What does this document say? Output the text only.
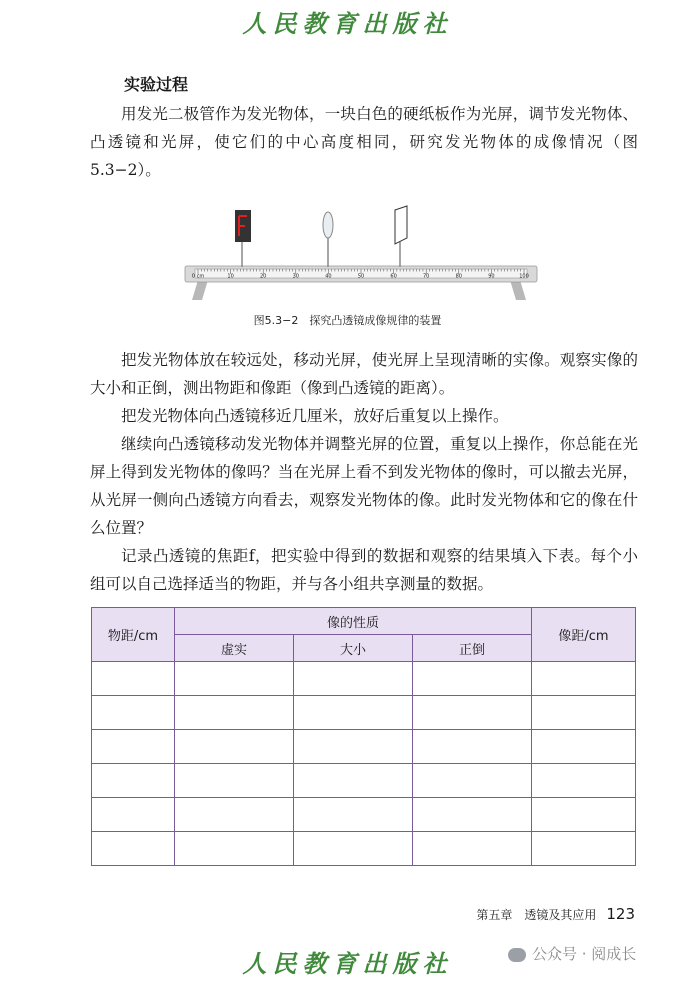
人民教育出版社
实验过程

用发光二极管作为发光物体，一块白色的硬纸板作为光屏，调节发光物体、凸透镜和光屏，使它们的中心高度相同，研究发光物体的成像情况（图5.3−2）。

0 cm	10	20	30	40	50	60	70	80	90	100
图5.3−2　探究凸透镜成像规律的装置

把发光物体放在较远处，移动光屏，使光屏上呈现清晰的实像。观察实像的大小和正倒，测出物距和像距（像到凸透镜的距离）。

把发光物体向凸透镜移近几厘米，放好后重复以上操作。

继续向凸透镜移动发光物体并调整光屏的位置，重复以上操作，你总能在光屏上得到发光物体的像吗？当在光屏上看不到发光物体的像时，可以撤去光屏，从光屏一侧向凸透镜方向看去，观察发光物体的像。此时发光物体和它的像在什么位置？

记录凸透镜的焦距f，把实验中得到的数据和观察的结果填入下表。每个小组可以自己选择适当的物距，并与各小组共享测量的数据。

物距/cm	像的性质			像距/cm
	虚实	大小	正倒	

第五章　透镜及其应用 123
人民教育出版社	公众号 · 阅成长
